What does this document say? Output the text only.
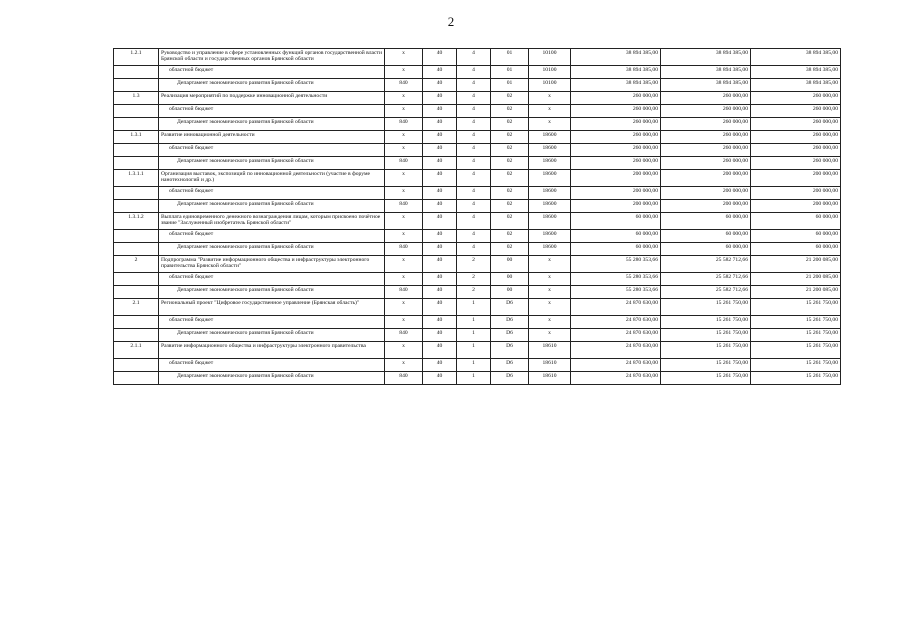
2
1.2.1	Руководство и управление в сфере установленных функций органов государственной власти Брянской области и государственных органов Брянской области	х	40	4	01	10100	38 894 385,00	38 894 385,00	38 894 385,00
	областной бюджет	х	40	4	01	10100	38 894 385,00	38 894 385,00	38 894 385,00
	Департамент экономического развития Брянской области	840	40	4	01	10100	38 894 385,00	38 894 385,00	38 894 385,00
1.3	Реализация мероприятий по поддержке инновационной деятельности	х	40	4	02	х	260 000,00	260 000,00	260 000,00
	областной бюджет	х	40	4	02	х	260 000,00	260 000,00	260 000,00
	Департамент экономического развития Брянской области	840	40	4	02	х	260 000,00	260 000,00	260 000,00
1.3.1	Развитие инновационной деятельности	х	40	4	02	18600	260 000,00	260 000,00	260 000,00
	областной бюджет	х	40	4	02	18600	260 000,00	260 000,00	260 000,00
	Департамент экономического развития Брянской области	840	40	4	02	18600	260 000,00	260 000,00	260 000,00
1.3.1.1	Организация выставок, экспозиций по инновационной деятельности (участие в форуме нанотехнологий и др.)	х	40	4	02	18600	200 000,00	200 000,00	200 000,00
	областной бюджет	х	40	4	02	18600	200 000,00	200 000,00	200 000,00
	Департамент экономического развития Брянской области	840	40	4	02	18600	200 000,00	200 000,00	200 000,00
1.3.1.2	Выплата единовременного денежного вознаграждения лицам, которым присвоено почётное звание "Заслуженный изобретатель Брянской области"	х	40	4	02	18600	60 000,00	60 000,00	60 000,00
	областной бюджет	х	40	4	02	18600	60 000,00	60 000,00	60 000,00
	Департамент экономического развития Брянской области	840	40	4	02	18600	60 000,00	60 000,00	60 000,00
2	Подпрограмма "Развитие информационного общества и инфраструктуры электронного правительства Брянской области"	х	40	2	00	х	55 280 353,66	25 582 712,66	21 200 085,00
	областной бюджет	х	40	2	00	х	55 280 353,66	25 582 712,66	21 200 085,00
	Департамент экономического развития Брянской области	840	40	2	00	х	55 280 353,66	25 582 712,66	21 200 085,00
2.1	Региональный проект "Цифровое государственное управление (Брянская область)"	х	40	1	D6	х	24 870 630,00	15 261 750,00	15 261 750,00
	областной бюджет	х	40	1	D6	х	24 870 630,00	15 261 750,00	15 261 750,00
	Департамент экономического развития Брянской области	840	40	1	D6	х	24 870 630,00	15 261 750,00	15 261 750,00
2.1.1	Развитие информационного общества и инфраструктуры электронного правительства	х	40	1	D6	18610	24 870 630,00	15 261 750,00	15 261 750,00
	областной бюджет	х	40	1	D6	18610	24 870 630,00	15 261 750,00	15 261 750,00
	Департамент экономического развития Брянской области	840	40	1	D6	18610	24 870 630,00	15 261 750,00	15 261 750,00
